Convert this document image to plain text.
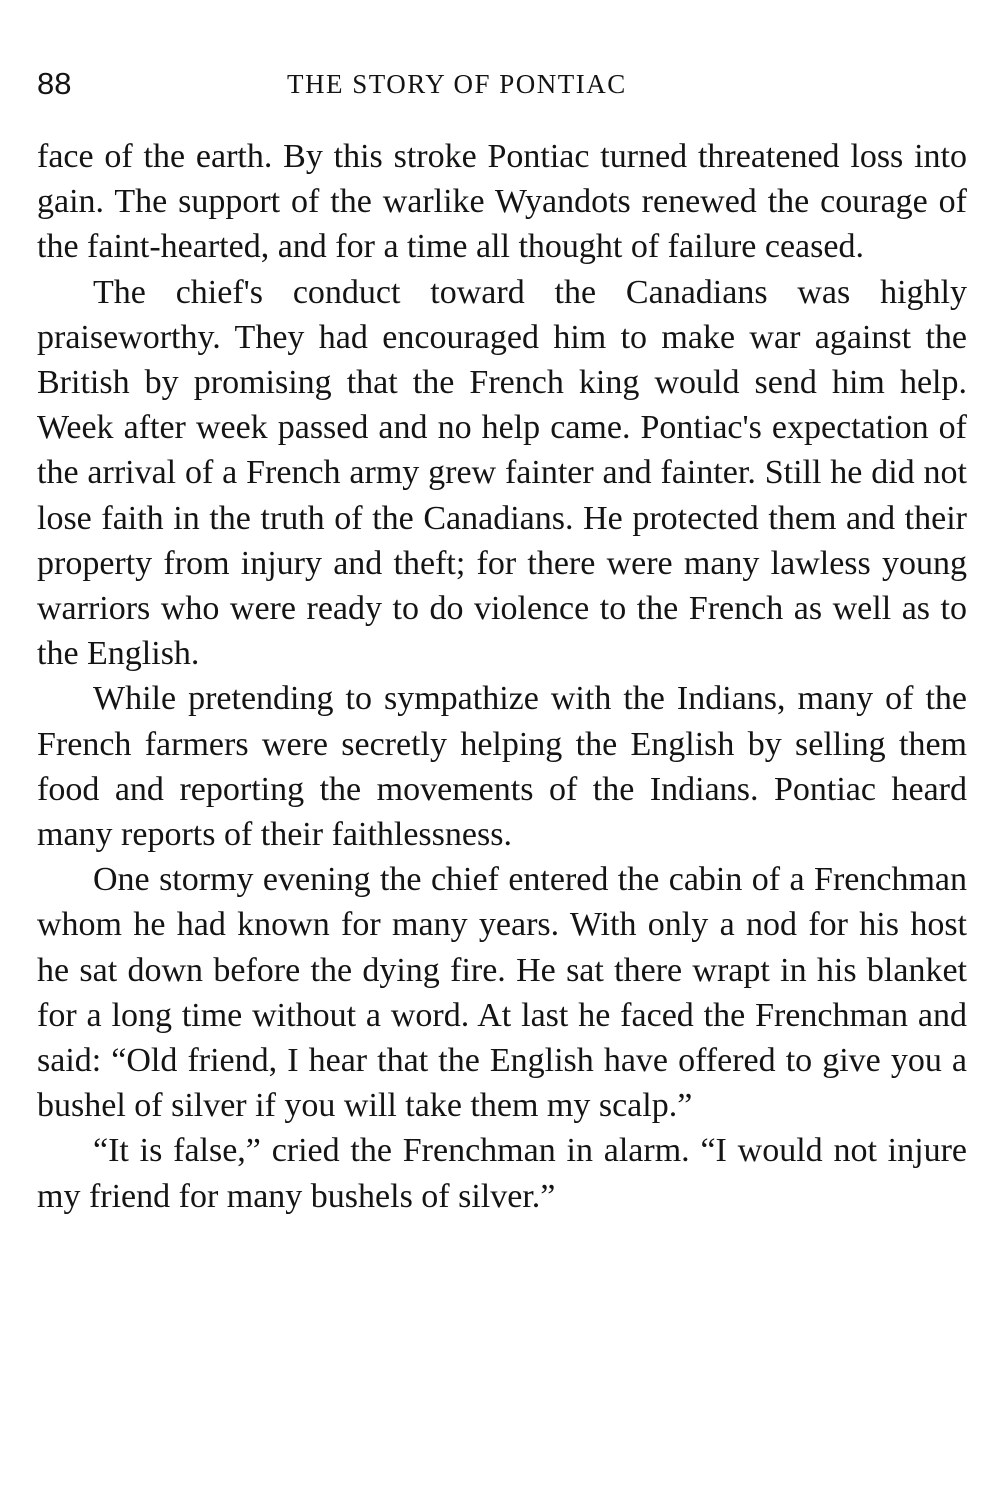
88	THE STORY OF PONTIAC

face of the earth. By this stroke Pontiac turned threatened loss into gain. The support of the warlike Wyandots renewed the courage of the faint-hearted, and for a time all thought of failure ceased.

The chief's conduct toward the Canadians was highly praiseworthy. They had encouraged him to make war against the British by promising that the French king would send him help. Week after week passed and no help came. Pontiac's expectation of the arrival of a French army grew fainter and fainter. Still he did not lose faith in the truth of the Canadians. He protected them and their property from injury and theft; for there were many lawless young warriors who were ready to do violence to the French as well as to the English.

While pretending to sympathize with the Indians, many of the French farmers were secretly helping the English by selling them food and reporting the movements of the Indians. Pontiac heard many reports of their faithlessness.

One stormy evening the chief entered the cabin of a Frenchman whom he had known for many years. With only a nod for his host he sat down before the dying fire. He sat there wrapt in his blanket for a long time without a word. At last he faced the Frenchman and said: “Old friend, I hear that the English have offered to give you a bushel of silver if you will take them my scalp.”

“It is false,” cried the Frenchman in alarm. “I would not injure my friend for many bushels of silver.”
